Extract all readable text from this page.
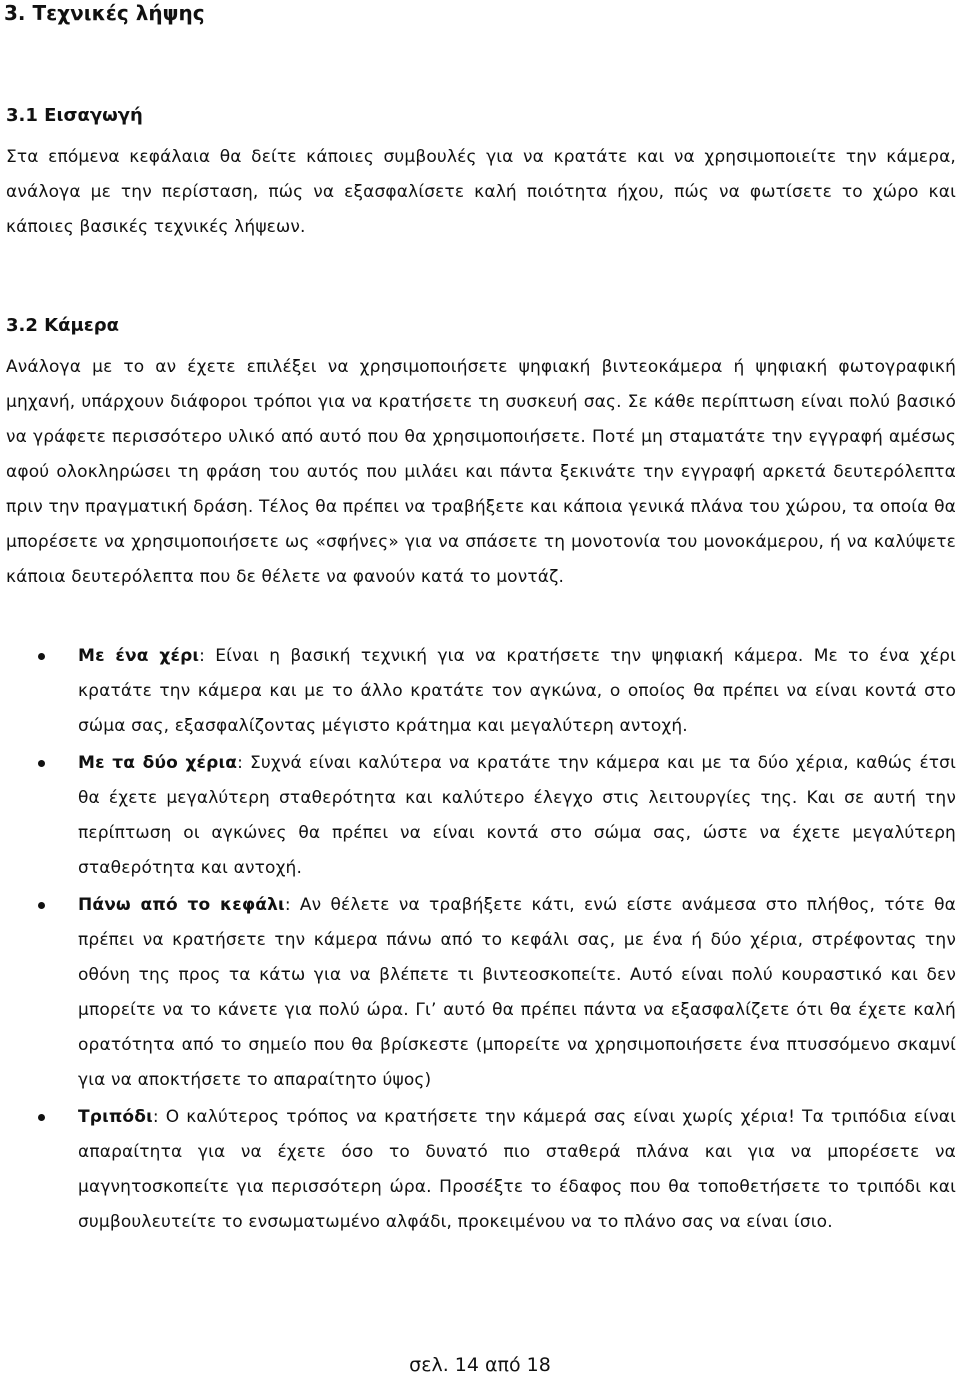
3. Τεχνικές λήψης
3.1 Εισαγωγή

Στα επόμενα κεφάλαια θα δείτε κάποιες συμβουλές για να κρατάτε και να χρησιμοποιείτε την κάμερα, ανάλογα με την περίσταση, πώς να εξασφαλίσετε καλή ποιότητα ήχου, πώς να φωτίσετε το χώρο και κάποιες βασικές τεχνικές λήψεων.

3.2 Κάμερα

Ανάλογα με το αν έχετε επιλέξει να χρησιμοποιήσετε ψηφιακή βιντεοκάμερα ή ψηφιακή φωτογραφική μηχανή, υπάρχουν διάφοροι τρόποι για να κρατήσετε τη συσκευή σας. Σε κάθε περίπτωση είναι πολύ βασικό να γράφετε περισσότερο υλικό από αυτό που θα χρησιμοποιήσετε. Ποτέ μη σταματάτε την εγγραφή αμέσως αφού ολοκληρώσει τη φράση του αυτός που μιλάει και πάντα ξεκινάτε την εγγραφή αρκετά δευτερόλεπτα πριν την πραγματική δράση. Τέλος θα πρέπει να τραβήξετε και κάποια γενικά πλάνα του χώρου, τα οποία θα μπορέσετε να χρησιμοποιήσετε ως «σφήνες» για να σπάσετε τη μονοτονία του μονοκάμερου, ή να καλύψετε κάποια δευτερόλεπτα που δε θέλετε να φανούν κατά το μοντάζ.

Με ένα χέρι: Είναι η βασική τεχνική για να κρατήσετε την ψηφιακή κάμερα. Με το ένα χέρι κρατάτε την κάμερα και με το άλλο κρατάτε τον αγκώνα, ο οποίος θα πρέπει να είναι κοντά στο σώμα σας, εξασφαλίζοντας μέγιστο κράτημα και μεγαλύτερη αντοχή.
Με τα δύο χέρια: Συχνά είναι καλύτερα να κρατάτε την κάμερα και με τα δύο χέρια, καθώς έτσι θα έχετε μεγαλύτερη σταθερότητα και καλύτερο έλεγχο στις λειτουργίες της. Και σε αυτή την περίπτωση οι αγκώνες θα πρέπει να είναι κοντά στο σώμα σας, ώστε να έχετε μεγαλύτερη σταθερότητα και αντοχή.
Πάνω από το κεφάλι: Αν θέλετε να τραβήξετε κάτι, ενώ είστε ανάμεσα στο πλήθος, τότε θα πρέπει να κρατήσετε την κάμερα πάνω από το κεφάλι σας, με ένα ή δύο χέρια, στρέφοντας την οθόνη της προς τα κάτω για να βλέπετε τι βιντεοσκοπείτε. Αυτό είναι πολύ κουραστικό και δεν μπορείτε να το κάνετε για πολύ ώρα. Γι’ αυτό θα πρέπει πάντα να εξασφαλίζετε ότι θα έχετε καλή ορατότητα από το σημείο που θα βρίσκεστε (μπορείτε να χρησιμοποιήσετε ένα πτυσσόμενο σκαμνί για να αποκτήσετε το απαραίτητο ύψος)
Τριπόδι: Ο καλύτερος τρόπος να κρατήσετε την κάμερά σας είναι χωρίς χέρια! Τα τριπόδια είναι απαραίτητα για να έχετε όσο το δυνατό πιο σταθερά πλάνα και για να μπορέσετε να μαγνητοσκοπείτε για περισσότερη ώρα. Προσέξτε το έδαφος που θα τοποθετήσετε το τριπόδι και συμβουλευτείτε το ενσωματωμένο αλφάδι, προκειμένου να το πλάνο σας να είναι ίσιο.
σελ. 14 από 18
